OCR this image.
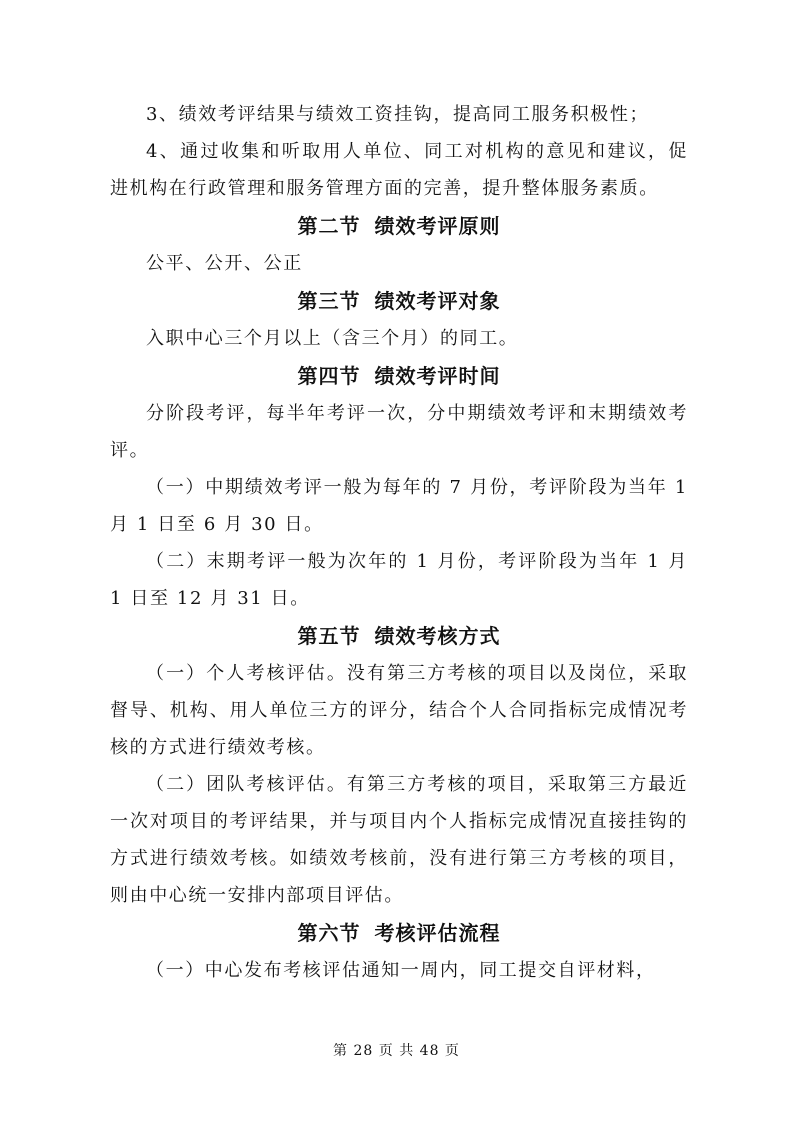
3、绩效考评结果与绩效工资挂钩，提高同工服务积极性；

4、通过收集和听取用人单位、同工对机构的意见和建议，促进机构在行政管理和服务管理方面的完善，提升整体服务素质。

第二节 绩效考评原则

公平、公开、公正

第三节 绩效考评对象

入职中心三个月以上（含三个月）的同工。

第四节 绩效考评时间

分阶段考评，每半年考评一次，分中期绩效考评和末期绩效考评。

（一）中期绩效考评一般为每年的 7 月份，考评阶段为当年 1 月 1 日至 6 月 30 日。

（二）末期考评一般为次年的 1 月份，考评阶段为当年 1 月 1 日至 12 月 31 日。

第五节 绩效考核方式

（一）个人考核评估。没有第三方考核的项目以及岗位，采取督导、机构、用人单位三方的评分，结合个人合同指标完成情况考核的方式进行绩效考核。

（二）团队考核评估。有第三方考核的项目，采取第三方最近一次对项目的考评结果，并与项目内个人指标完成情况直接挂钩的方式进行绩效考核。如绩效考核前，没有进行第三方考核的项目，则由中心统一安排内部项目评估。

第六节 考核评估流程

（一）中心发布考核评估通知一周内，同工提交自评材料，

第 28 页 共 48 页
